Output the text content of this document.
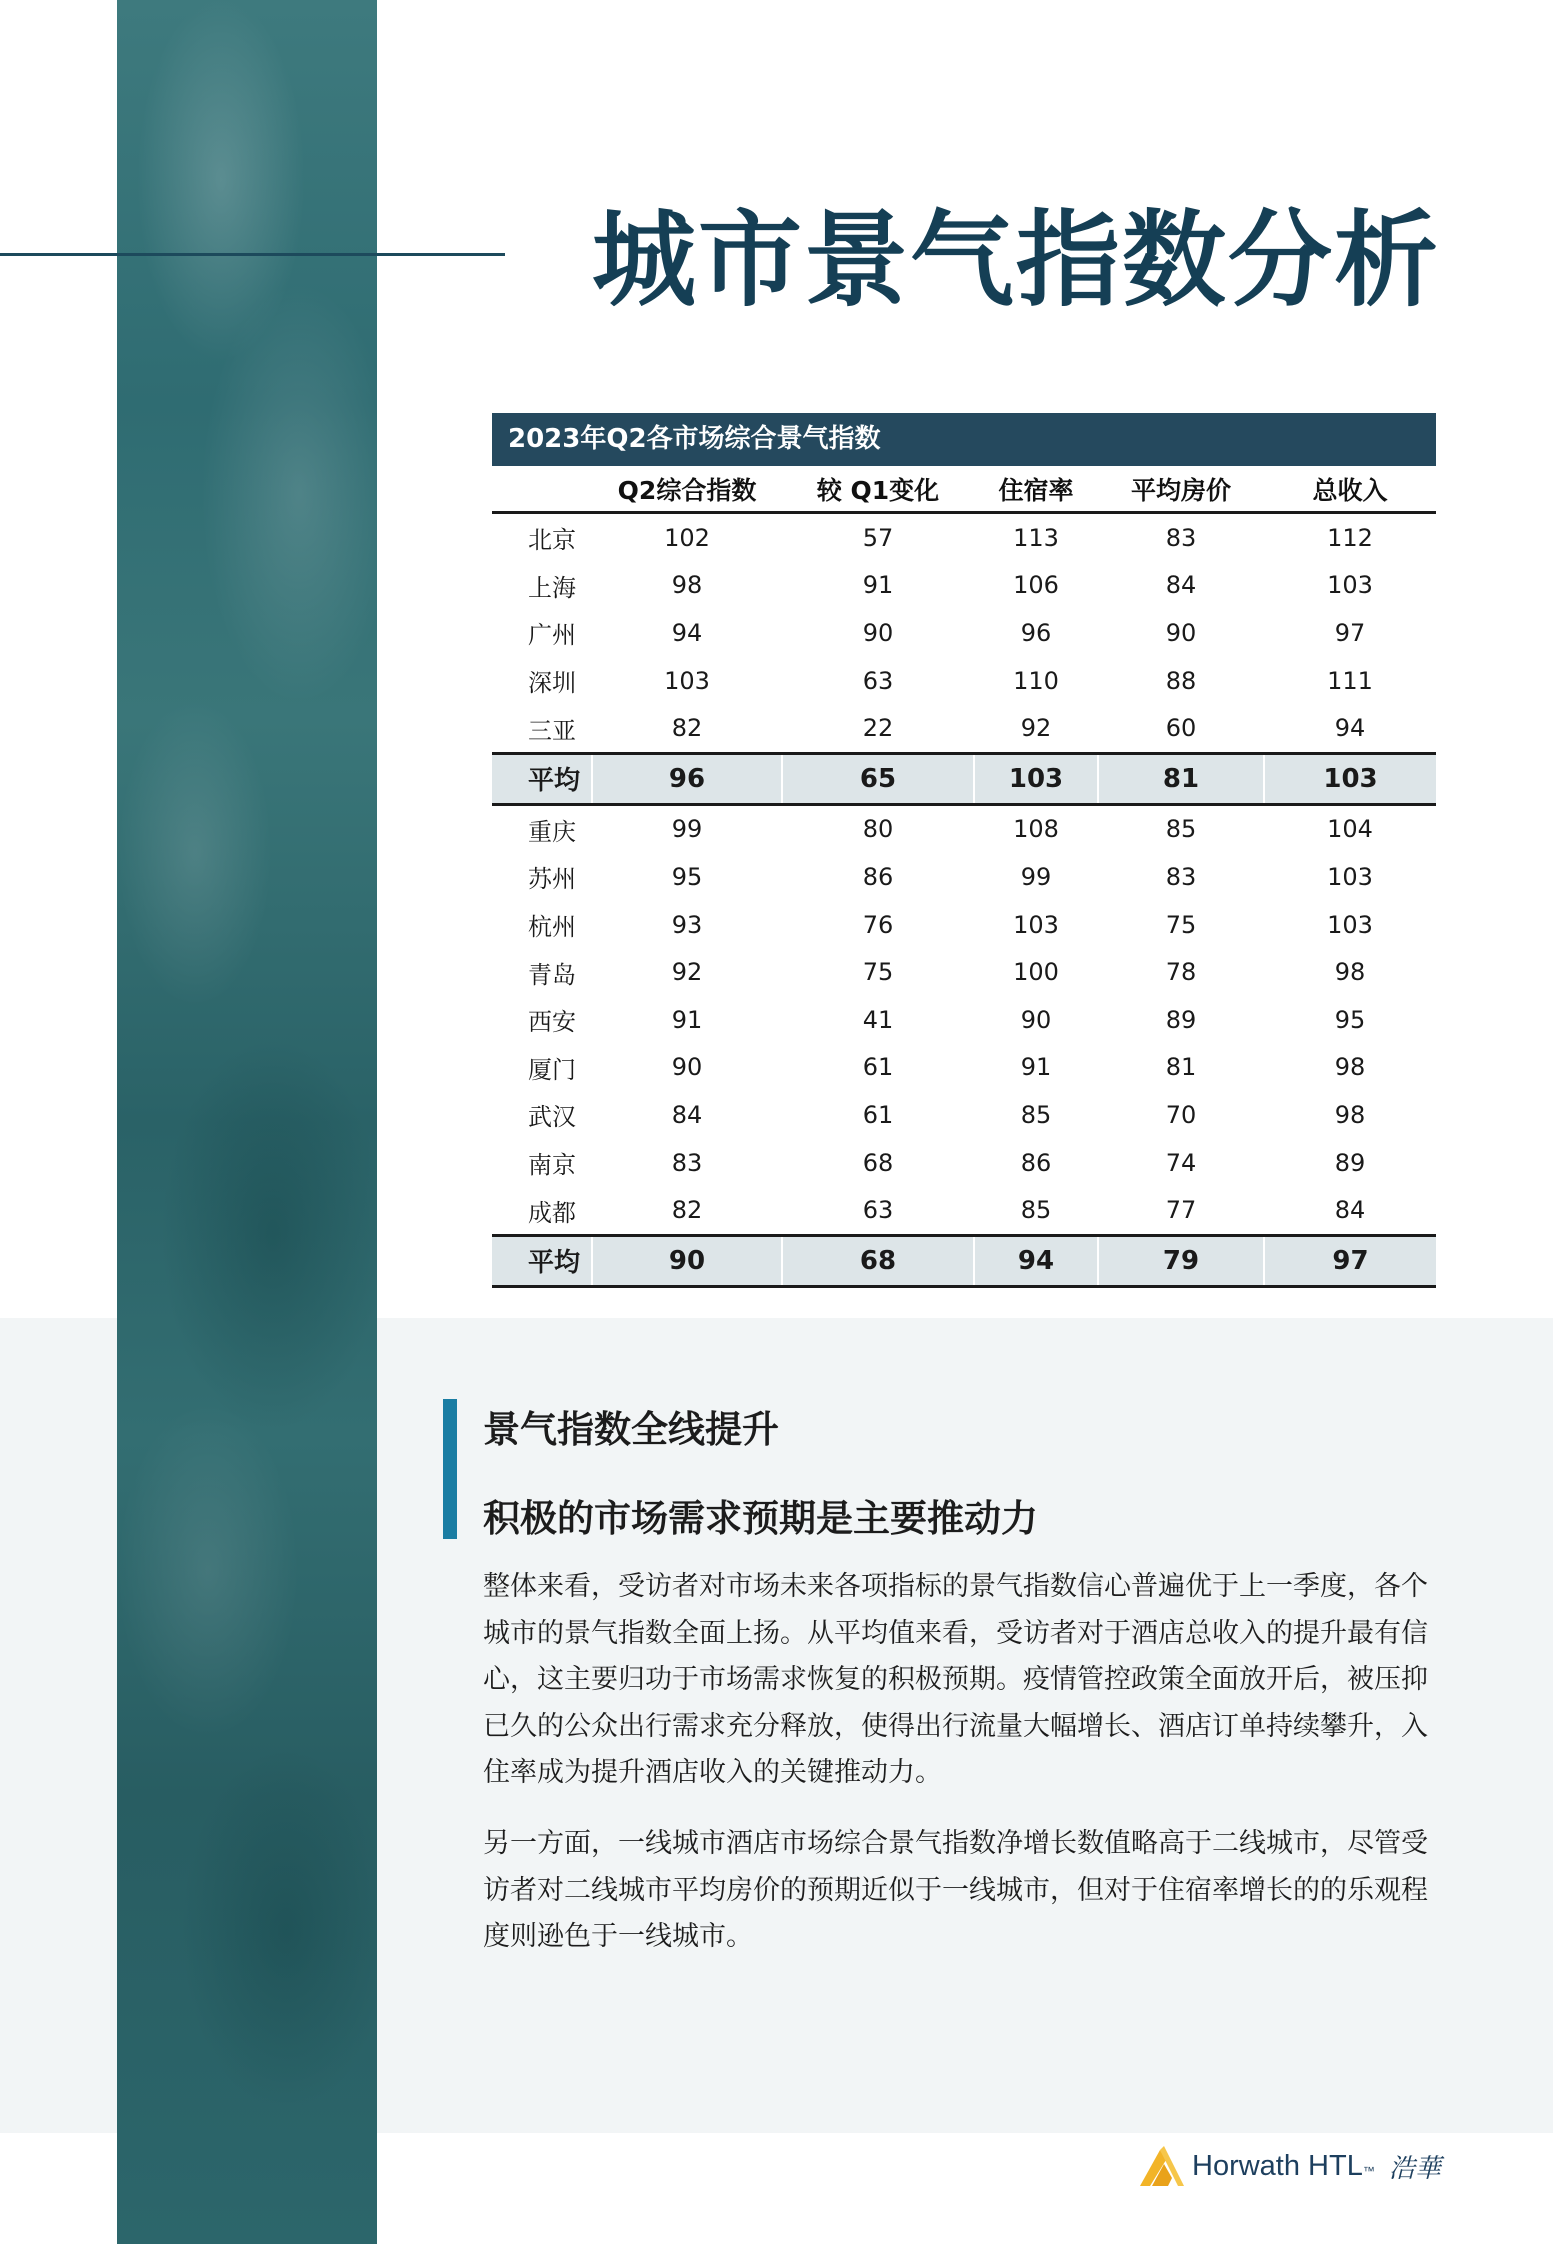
城市景气指数分析
2023年Q2各市场综合景气指数
	Q2综合指数	较 Q1变化	住宿率	平均房价	总收入
北京	102	57	113	83	112
上海	98	91	106	84	103
广州	94	90	96	90	97
深圳	103	63	110	88	111
三亚	82	22	92	60	94
平均	96	65	103	81	103
重庆	99	80	108	85	104
苏州	95	86	99	83	103
杭州	93	76	103	75	103
青岛	92	75	100	78	98
西安	91	41	90	89	95
厦门	90	61	91	81	98
武汉	84	61	85	70	98
南京	83	68	86	74	89
成都	82	63	85	77	84
平均	90	68	94	79	97
景气指数全线提升
积极的市场需求预期是主要推动力

整体来看，受访者对市场未来各项指标的景气指数信心普遍优于上一季度，各个城市的景气指数全面上扬。从平均值来看，受访者对于酒店总收入的提升最有信心，这主要归功于市场需求恢复的积极预期。疫情管控政策全面放开后，被压抑已久的公众出行需求充分释放，使得出行流量大幅增长、酒店订单持续攀升，入住率成为提升酒店收入的关键推动力。

另一方面，一线城市酒店市场综合景气指数净增长数值略高于二线城市，尽管受访者对二线城市平均房价的预期近似于一线城市，但对于住宿率增长的的乐观程度则逊色于一线城市。

Horwath HTL™ 浩華
